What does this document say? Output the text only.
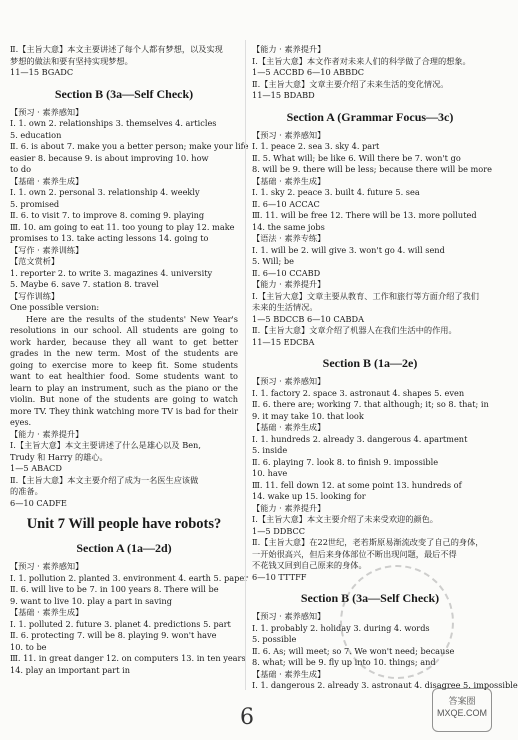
Ⅱ.【主旨大意】本文主要讲述了每个人都有梦想，以及实现
梦想的做法和要有坚持实现梦想。
11—15 BGADC
Section B (3a—Self Check)
【预习 · 素养感知】
Ⅰ. 1. own 2. relationships 3. themselves 4. articles
5. education
Ⅱ. 6. is about 7. make you a better person; make your life
easier 8. because 9. is about improving 10. how
to do
【基础 · 素养生成】
Ⅰ. 1. own 2. personal 3. relationship 4. weekly
5. promised
Ⅱ. 6. to visit 7. to improve 8. coming 9. playing
Ⅲ. 10. am going to eat 11. too young to play 12. make
promises to 13. take acting lessons 14. going to
【写作 · 素养训练】
【范文赏析】
1. reporter 2. to write 3. magazines 4. university
5. Maybe 6. save 7. station 8. travel
【写作训练】
One possible version:
Here are the results of the students' New Year's resolutions in our school. All students are going to work harder, because they all want to get better grades in the new term. Most of the students are going to exercise more to keep fit. Some students want to eat healthier food. Some students want to learn to play an instrument, such as the piano or the violin. But none of the students are going to watch more TV. They think watching more TV is bad for their eyes.
【能力 · 素养提升】
Ⅰ.【主旨大意】本文主要讲述了什么是雄心以及 Ben,
Trudy 和 Harry 的雄心。
1—5 ABACD
Ⅱ.【主旨大意】本文主要介绍了成为一名医生应该做
的准备。
6—10 CADFE
Unit 7 Will people have robots?
Section A (1a—2d)
【预习 · 素养感知】
Ⅰ. 1. pollution 2. planted 3. environment 4. earth 5. paper
Ⅱ. 6. will live to be 7. in 100 years 8. There will be
9. want to live 10. play a part in saving
【基础 · 素养生成】
Ⅰ. 1. polluted 2. future 3. planet 4. predictions 5. part
Ⅱ. 6. protecting 7. will be 8. playing 9. won't have
10. to be
Ⅲ. 11. in great danger 12. on computers 13. in ten years
14. play an important part in
【能力 · 素养提升】
Ⅰ.【主旨大意】本文作者对未来人们的科学做了合理的想象。
1—5 ACCBD 6—10 ABBDC
Ⅱ.【主旨大意】文章主要介绍了未来生活的变化情况。
11—15 BDABD
Section A (Grammar Focus—3c)
【预习 · 素养感知】
Ⅰ. 1. peace 2. sea 3. sky 4. part
Ⅱ. 5. What will; be like 6. Will there be 7. won't go
8. will be 9. there will be less; because there will be more
【基础 · 素养生成】
Ⅰ. 1. sky 2. peace 3. built 4. future 5. sea
Ⅱ. 6—10 ACCAC
Ⅲ. 11. will be free 12. There will be 13. more polluted
14. the same jobs
【语法 · 素养专练】
Ⅰ. 1. will be 2. will give 3. won't go 4. will send
5. Will; be
Ⅱ. 6—10 CCABD
【能力 · 素养提升】
Ⅰ.【主旨大意】文章主要从教育、工作和旅行等方面介绍了我们
未来的生活情况。
1—5 BDCCB 6—10 CABDA
Ⅱ.【主旨大意】文章介绍了机器人在我们生活中的作用。
11—15 EDCBA
Section B (1a—2e)
【预习 · 素养感知】
Ⅰ. 1. factory 2. space 3. astronaut 4. shapes 5. even
Ⅱ. 6. there are; working 7. that although; it; so 8. that; in
9. it may take 10. that look
【基础 · 素养生成】
Ⅰ. 1. hundreds 2. already 3. dangerous 4. apartment
5. inside
Ⅱ. 6. playing 7. look 8. to finish 9. impossible
10. have
Ⅲ. 11. fell down 12. at some point 13. hundreds of
14. wake up 15. looking for
【能力 · 素养提升】
Ⅰ.【主旨大意】本文主要介绍了未来受欢迎的颜色。
1—5 DDBCC
Ⅱ.【主旨大意】在22世纪，老若斯原易渐流改变了自己的身体，
一开始很高兴，但后来身体部位不断出现问题，最后不得
不花钱又回到自己原来的身体。
6—10 TTTFF
Section B (3a—Self Check)
【预习 · 素养感知】
Ⅰ. 1. probably 2. holiday 3. during 4. words
5. possible
Ⅱ. 6. As; will meet; so 7. We won't need; because
8. what; will be 9. fly up into 10. things; and
【基础 · 素养生成】
Ⅰ. 1. dangerous 2. already 3. astronaut 4. disagree 5. impossible
6
答案圈
MXQE.COM
